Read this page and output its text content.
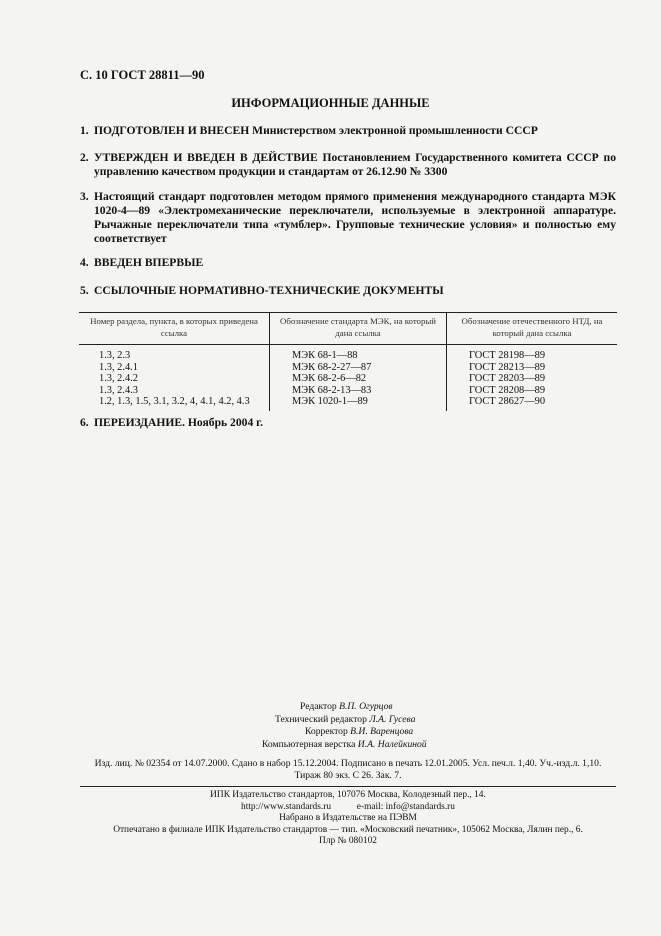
С. 10 ГОСТ 28811—90
ИНФОРМАЦИОННЫЕ ДАННЫЕ
1. ПОДГОТОВЛЕН И ВНЕСЕН Министерством электронной промышленности СССР
2. УТВЕРЖДЕН И ВВЕДЕН В ДЕЙСТВИЕ Постановлением Государственного комитета СССР по управлению качеством продукции и стандартам от 26.12.90 № 3300
3. Настоящий стандарт подготовлен методом прямого применения международного стандарта МЭК 1020-4—89 «Электромеханические переключатели, используемые в электронной аппаратуре. Рычажные переключатели типа «тумблер». Групповые технические условия» и полностью ему соответствует
4. ВВЕДЕН ВПЕРВЫЕ
5. ССЫЛОЧНЫЕ НОРМАТИВНО-ТЕХНИЧЕСКИЕ ДОКУМЕНТЫ
Номер раздела, пункта, в которых приведена ссылка	Обозначение стандарта МЭК, на который дана ссылка	Обозначение отечественного НТД, на который дана ссылка
1.3, 2.3	МЭК 68-1—88	ГОСТ 28198—89
1.3, 2.4.1	МЭК 68-2-27—87	ГОСТ 28213—89
1.3, 2.4.2	МЭК 68-2-6—82	ГОСТ 28203—89
1.3, 2.4.3	МЭК 68-2-13—83	ГОСТ 28208—89
1.2, 1.3, 1.5, 3.1, 3.2, 4, 4.1, 4.2, 4.3	МЭК 1020-1—89	ГОСТ 28627—90
6. ПЕРЕИЗДАНИЕ. Ноябрь 2004 г.
Редактор В.П. Огурцов
Технический редактор Л.А. Гусева
Корректор В.И. Варенцова
Компьютерная верстка И.А. Налейкиной
Изд. лиц. № 02354 от 14.07.2000. Сдано в набор 15.12.2004. Подписано в печать 12.01.2005. Усл. печ.л. 1,40. Уч.-изд.л. 1,10.
Тираж 80 экз. С 26. Зак. 7.
ИПК Издательство стандартов, 107076 Москва, Колодезный пер., 14.
http://www.standards.ru           e-mail: info@standards.ru
Набрано в Издательстве на ПЭВМ
Отпечатано в филиале ИПК Издательство стандартов — тип. «Московский печатник», 105062 Москва, Лялин пер., 6.
Плр № 080102
